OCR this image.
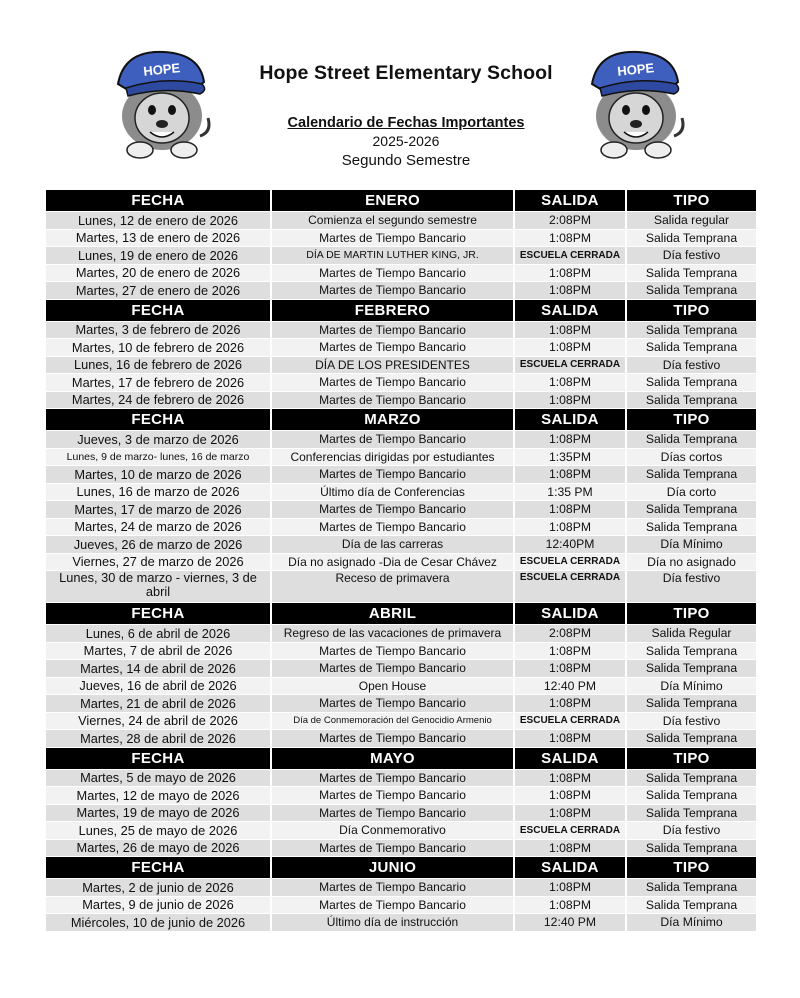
HOPE	HOPE
Hope Street Elementary School
Calendario de Fechas Importantes
2025-2026
Segundo Semestre
FECHA	ENERO	SALIDA	TIPO
Lunes, 12 de enero de 2026	Comienza el segundo semestre	2:08PM	Salida regular
Martes, 13 de enero de 2026	Martes de Tiempo Bancario	1:08PM	Salida Temprana
Lunes, 19 de enero de 2026	DÍA DE MARTIN LUTHER KING, JR.	ESCUELA CERRADA	Día festivo
Martes, 20 de enero de 2026	Martes de Tiempo Bancario	1:08PM	Salida Temprana
Martes, 27 de enero de 2026	Martes de Tiempo Bancario	1:08PM	Salida Temprana
FECHA	FEBRERO	SALIDA	TIPO
Martes, 3 de febrero de 2026	Martes de Tiempo Bancario	1:08PM	Salida Temprana
Martes, 10 de febrero de 2026	Martes de Tiempo Bancario	1:08PM	Salida Temprana
Lunes, 16 de febrero de 2026	DÍA DE LOS PRESIDENTES	ESCUELA CERRADA	Día festivo
Martes, 17 de febrero de 2026	Martes de Tiempo Bancario	1:08PM	Salida Temprana
Martes, 24 de febrero de 2026	Martes de Tiempo Bancario	1:08PM	Salida Temprana
FECHA	MARZO	SALIDA	TIPO
Jueves, 3 de marzo de 2026	Martes de Tiempo Bancario	1:08PM	Salida Temprana
Lunes, 9 de marzo- lunes, 16 de marzo	Conferencias dirigidas por estudiantes	1:35PM	Días cortos
Martes, 10 de marzo de 2026	Martes de Tiempo Bancario	1:08PM	Salida Temprana
Lunes, 16 de marzo de 2026	Último día de Conferencias	1:35 PM	Día corto
Martes, 17 de marzo de 2026	Martes de Tiempo Bancario	1:08PM	Salida Temprana
Martes, 24 de marzo de 2026	Martes de Tiempo Bancario	1:08PM	Salida Temprana
Jueves, 26 de marzo de 2026	Día de las carreras	12:40PM	Día Mínimo
Viernes, 27 de marzo de 2026	Día no asignado -Dia de Cesar Chávez	ESCUELA CERRADA	Día no asignado
Lunes, 30 de marzo - viernes, 3 de abril	Receso de primavera	ESCUELA CERRADA	Día festivo
FECHA	ABRIL	SALIDA	TIPO
Lunes, 6 de abril de 2026	Regreso de las vacaciones de primavera	2:08PM	Salida Regular
Martes, 7 de abril de 2026	Martes de Tiempo Bancario	1:08PM	Salida Temprana
Martes, 14 de abril de 2026	Martes de Tiempo Bancario	1:08PM	Salida Temprana
Jueves, 16 de abril de 2026	Open House	12:40 PM	Día Mínimo
Martes, 21 de abril de 2026	Martes de Tiempo Bancario	1:08PM	Salida Temprana
Viernes, 24 de abril de 2026	Día de Conmemoración del Genocidio Armenio	ESCUELA CERRADA	Día festivo
Martes, 28 de abril de 2026	Martes de Tiempo Bancario	1:08PM	Salida Temprana
FECHA	MAYO	SALIDA	TIPO
Martes, 5 de mayo de 2026	Martes de Tiempo Bancario	1:08PM	Salida Temprana
Martes, 12 de mayo de 2026	Martes de Tiempo Bancario	1:08PM	Salida Temprana
Martes, 19 de mayo de 2026	Martes de Tiempo Bancario	1:08PM	Salida Temprana
Lunes, 25 de mayo de 2026	Día Conmemorativo	ESCUELA CERRADA	Día festivo
Martes, 26 de mayo de 2026	Martes de Tiempo Bancario	1:08PM	Salida Temprana
FECHA	JUNIO	SALIDA	TIPO
Martes, 2 de junio de 2026	Martes de Tiempo Bancario	1:08PM	Salida Temprana
Martes, 9 de junio de 2026	Martes de Tiempo Bancario	1:08PM	Salida Temprana
Miércoles, 10 de junio de 2026	Último día de instrucción	12:40 PM	Día Mínimo
